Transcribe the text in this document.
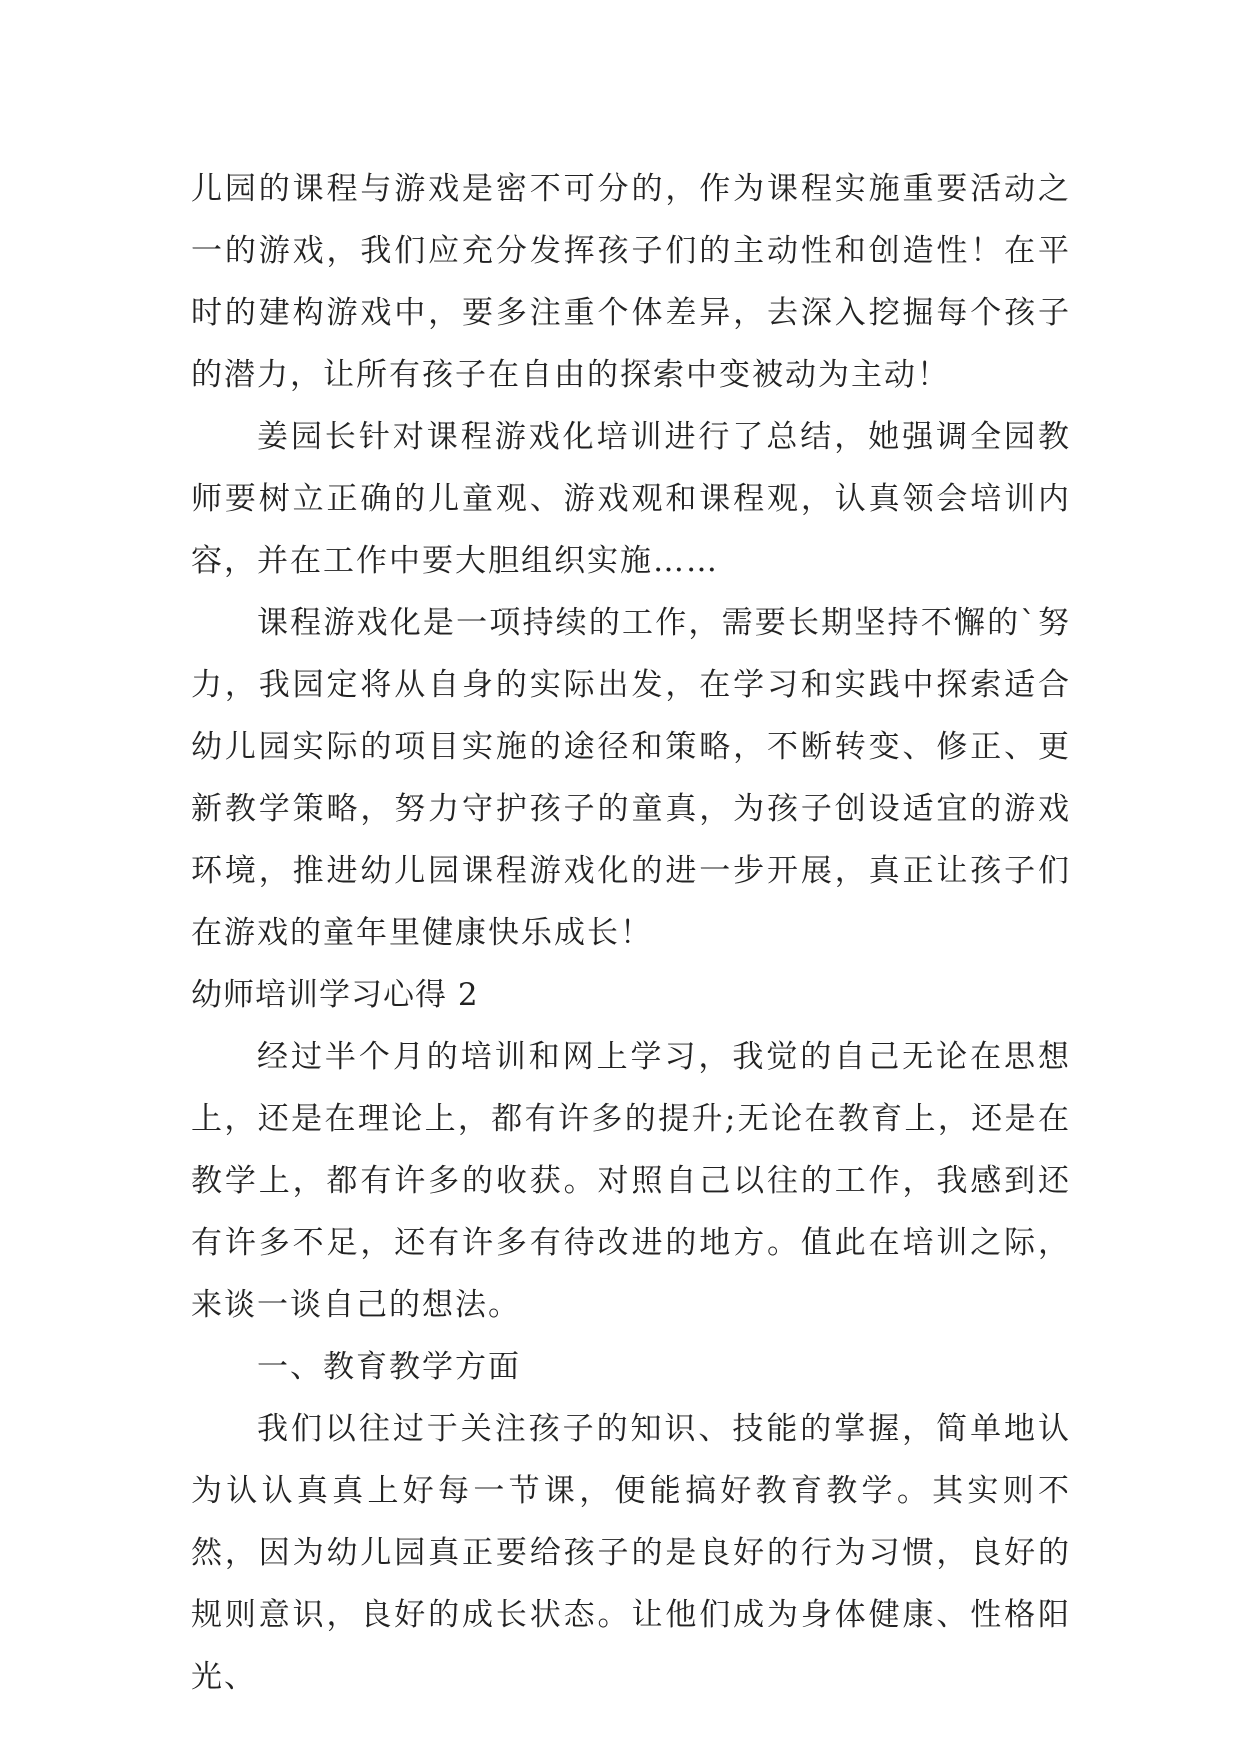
儿园的课程与游戏是密不可分的，作为课程实施重要活动之一的游戏，我们应充分发挥孩子们的主动性和创造性！在平时的建构游戏中，要多注重个体差异，去深入挖掘每个孩子的潜力，让所有孩子在自由的探索中变被动为主动！

姜园长针对课程游戏化培训进行了总结，她强调全园教师要树立正确的儿童观、游戏观和课程观，认真领会培训内容，并在工作中要大胆组织实施……

课程游戏化是一项持续的工作，需要长期坚持不懈的`努力，我园定将从自身的实际出发，在学习和实践中探索适合幼儿园实际的项目实施的途径和策略，不断转变、修正、更新教学策略，努力守护孩子的童真，为孩子创设适宜的游戏环境，推进幼儿园课程游戏化的进一步开展，真正让孩子们在游戏的童年里健康快乐成长！

幼师培训学习心得 2

经过半个月的培训和网上学习，我觉的自己无论在思想上，还是在理论上，都有许多的提升;无论在教育上，还是在教学上，都有许多的收获。对照自己以往的工作，我感到还有许多不足，还有许多有待改进的地方。值此在培训之际，来谈一谈自己的想法。

一、教育教学方面

我们以往过于关注孩子的知识、技能的掌握，简单地认为认认真真上好每一节课，便能搞好教育教学。其实则不然，因为幼儿园真正要给孩子的是良好的行为习惯，良好的规则意识，良好的成长状态。让他们成为身体健康、性格阳光、
